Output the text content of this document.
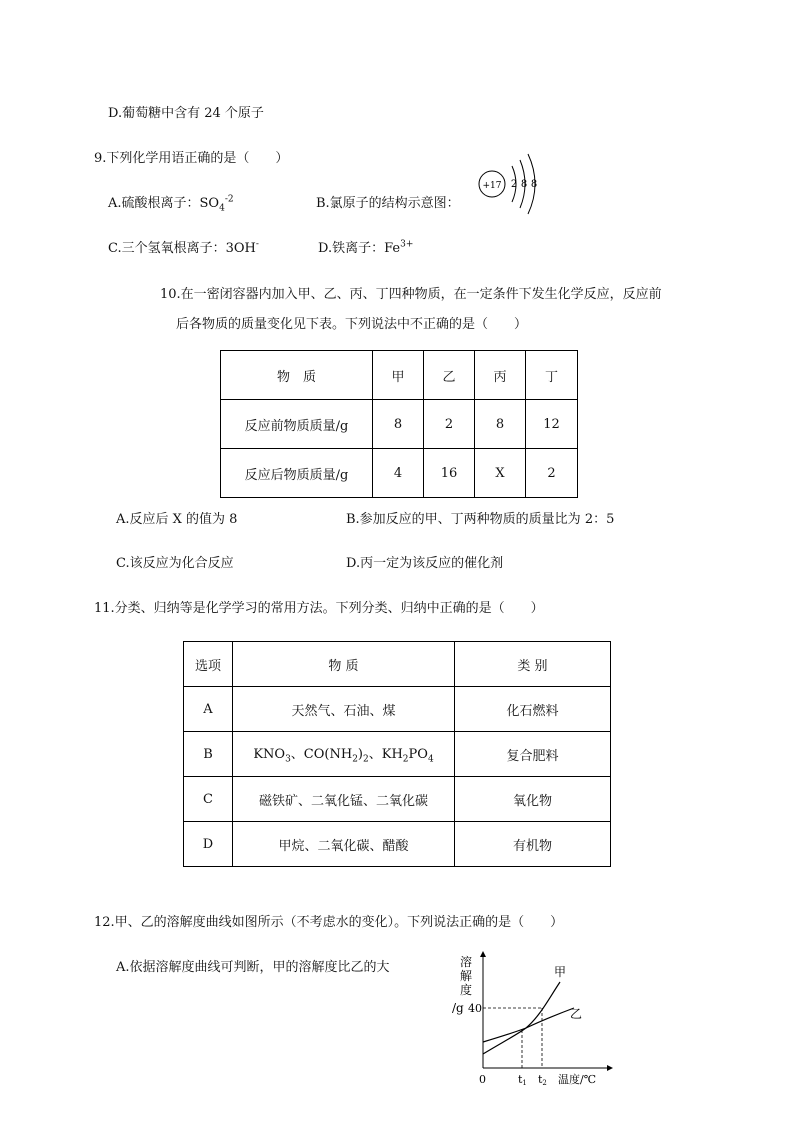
D.葡萄糖中含有 24 个原子
9.下列化学用语正确的是（　　）
A.硫酸根离子：$SO_4^{-2}$	B.氯原子的结构示意图：
+17 2 8 8
C.三个氢氧根离子：3OH-	D.铁离子：$Fe^{3+}$
10.在一密闭容器内加入甲、乙、丙、丁四种物质，在一定条件下发生化学反应，反应前
后各物质的质量变化见下表。下列说法中不正确的是（　　）
物　质	甲	乙	丙	丁
反应前物质质量/g	8	2	8	12
反应后物质质量/g	4	16	X	2
A.反应后 X 的值为 8	B.参加反应的甲、丁两种物质的质量比为 2：5
C.该反应为化合反应	D.丙一定为该反应的催化剂
11.分类、归纳等是化学学习的常用方法。下列分类、归纳中正确的是（　　）
选项	物 质	类 别
A	天然气、石油、煤	化石燃料
B	$KNO_3$、$CO(NH_2)_2$、$KH_2PO_4$	复合肥料
C	磁铁矿、二氧化锰、二氧化碳	氧化物
D	甲烷、二氧化碳、醋酸	有机物
12.甲、乙的溶解度曲线如图所示（不考虑水的变化）。下列说法正确的是（　　）
A.依据溶解度曲线可判断，甲的溶解度比乙的大	溶
解
度
/g 40
甲
乙
0	t1 t2 温度/℃
